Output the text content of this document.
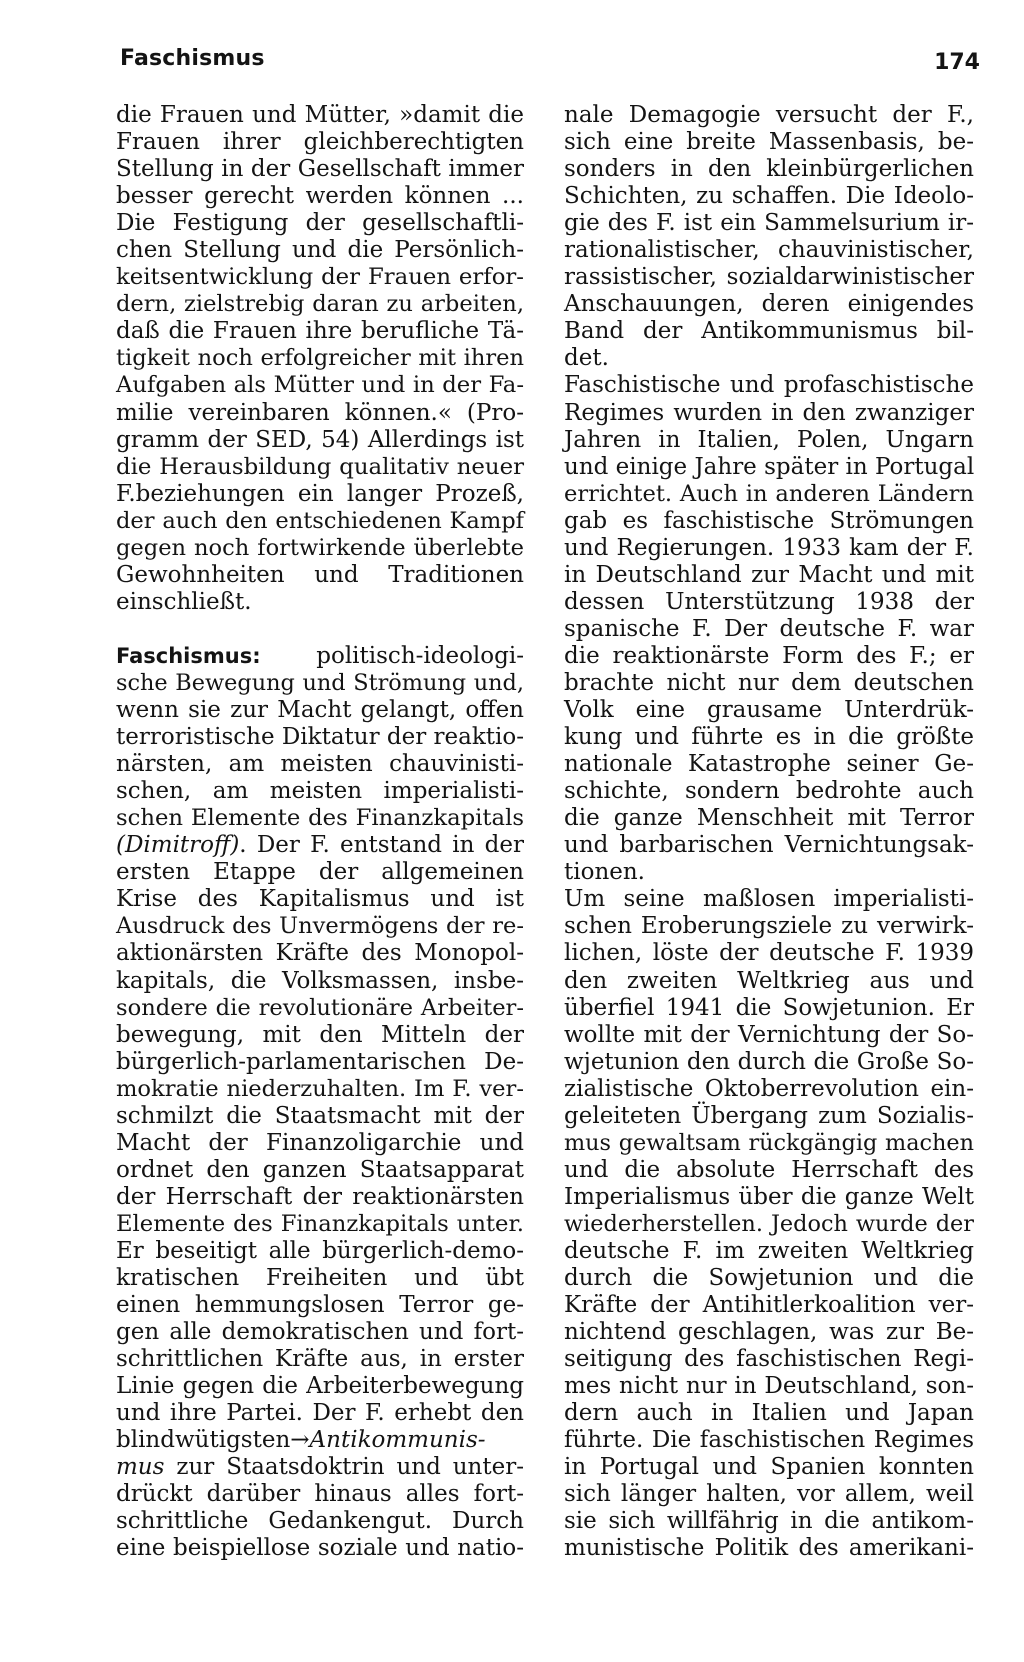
Faschismus	174
die Frauen und Mütter, »damit die
Frauen ihrer gleichberechtigten
Stellung in der Gesellschaft immer
besser gerecht werden können ...
Die Festigung der gesellschaftli-
chen Stellung und die Persönlich-
keitsentwicklung der Frauen erfor-
dern, zielstrebig daran zu arbeiten,
daß die Frauen ihre berufliche Tä-
tigkeit noch erfolgreicher mit ihren
Aufgaben als Mütter und in der Fa-
milie vereinbaren können.« (Pro-
gramm der SED, 54) Allerdings ist
die Herausbildung qualitativ neuer
F.beziehungen ein langer Prozeß,
der auch den entschiedenen Kampf
gegen noch fortwirkende überlebte
Gewohnheiten und Traditionen
einschließt.
Faschismus: politisch-ideologi-
sche Bewegung und Strömung und,
wenn sie zur Macht gelangt, offen
terroristische Diktatur der reaktio-
närsten, am meisten chauvinisti-
schen, am meisten imperialisti-
schen Elemente des Finanzkapitals
(Dimitroff). Der F. entstand in der
ersten Etappe der allgemeinen
Krise des Kapitalismus und ist
Ausdruck des Unvermögens der re-
aktionärsten Kräfte des Monopol-
kapitals, die Volksmassen, insbe-
sondere die revolutionäre Arbeiter-
bewegung, mit den Mitteln der
bürgerlich-parlamentarischen De-
mokratie niederzuhalten. Im F. ver-
schmilzt die Staatsmacht mit der
Macht der Finanzoligarchie und
ordnet den ganzen Staatsapparat
der Herrschaft der reaktionärsten
Elemente des Finanzkapitals unter.
Er beseitigt alle bürgerlich-demo-
kratischen Freiheiten und übt
einen hemmungslosen Terror ge-
gen alle demokratischen und fort-
schrittlichen Kräfte aus, in erster
Linie gegen die Arbeiterbewegung
und ihre Partei. Der F. erhebt den
blindwütigsten→Antikommunis-
mus zur Staatsdoktrin und unter-
drückt darüber hinaus alles fort-
schrittliche Gedankengut. Durch
eine beispiellose soziale und natio-
nale Demagogie versucht der F.,
sich eine breite Massenbasis, be-
sonders in den kleinbürgerlichen
Schichten, zu schaffen. Die Ideolo-
gie des F. ist ein Sammelsurium ir-
rationalistischer, chauvinistischer,
rassistischer, sozialdarwinistischer
Anschauungen, deren einigendes
Band der Antikommunismus bil-
det.
Faschistische und profaschistische
Regimes wurden in den zwanziger
Jahren in Italien, Polen, Ungarn
und einige Jahre später in Portugal
errichtet. Auch in anderen Ländern
gab es faschistische Strömungen
und Regierungen. 1933 kam der F.
in Deutschland zur Macht und mit
dessen Unterstützung 1938 der
spanische F. Der deutsche F. war
die reaktionärste Form des F.; er
brachte nicht nur dem deutschen
Volk eine grausame Unterdrük-
kung und führte es in die größte
nationale Katastrophe seiner Ge-
schichte, sondern bedrohte auch
die ganze Menschheit mit Terror
und barbarischen Vernichtungsak-
tionen.
Um seine maßlosen imperialisti-
schen Eroberungsziele zu verwirk-
lichen, löste der deutsche F. 1939
den zweiten Weltkrieg aus und
überfiel 1941 die Sowjetunion. Er
wollte mit der Vernichtung der So-
wjetunion den durch die Große So-
zialistische Oktoberrevolution ein-
geleiteten Übergang zum Sozialis-
mus gewaltsam rückgängig machen
und die absolute Herrschaft des
Imperialismus über die ganze Welt
wiederherstellen. Jedoch wurde der
deutsche F. im zweiten Weltkrieg
durch die Sowjetunion und die
Kräfte der Antihitlerkoalition ver-
nichtend geschlagen, was zur Be-
seitigung des faschistischen Regi-
mes nicht nur in Deutschland, son-
dern auch in Italien und Japan
führte. Die faschistischen Regimes
in Portugal und Spanien konnten
sich länger halten, vor allem, weil
sie sich willfährig in die antikom-
munistische Politik des amerikani-
